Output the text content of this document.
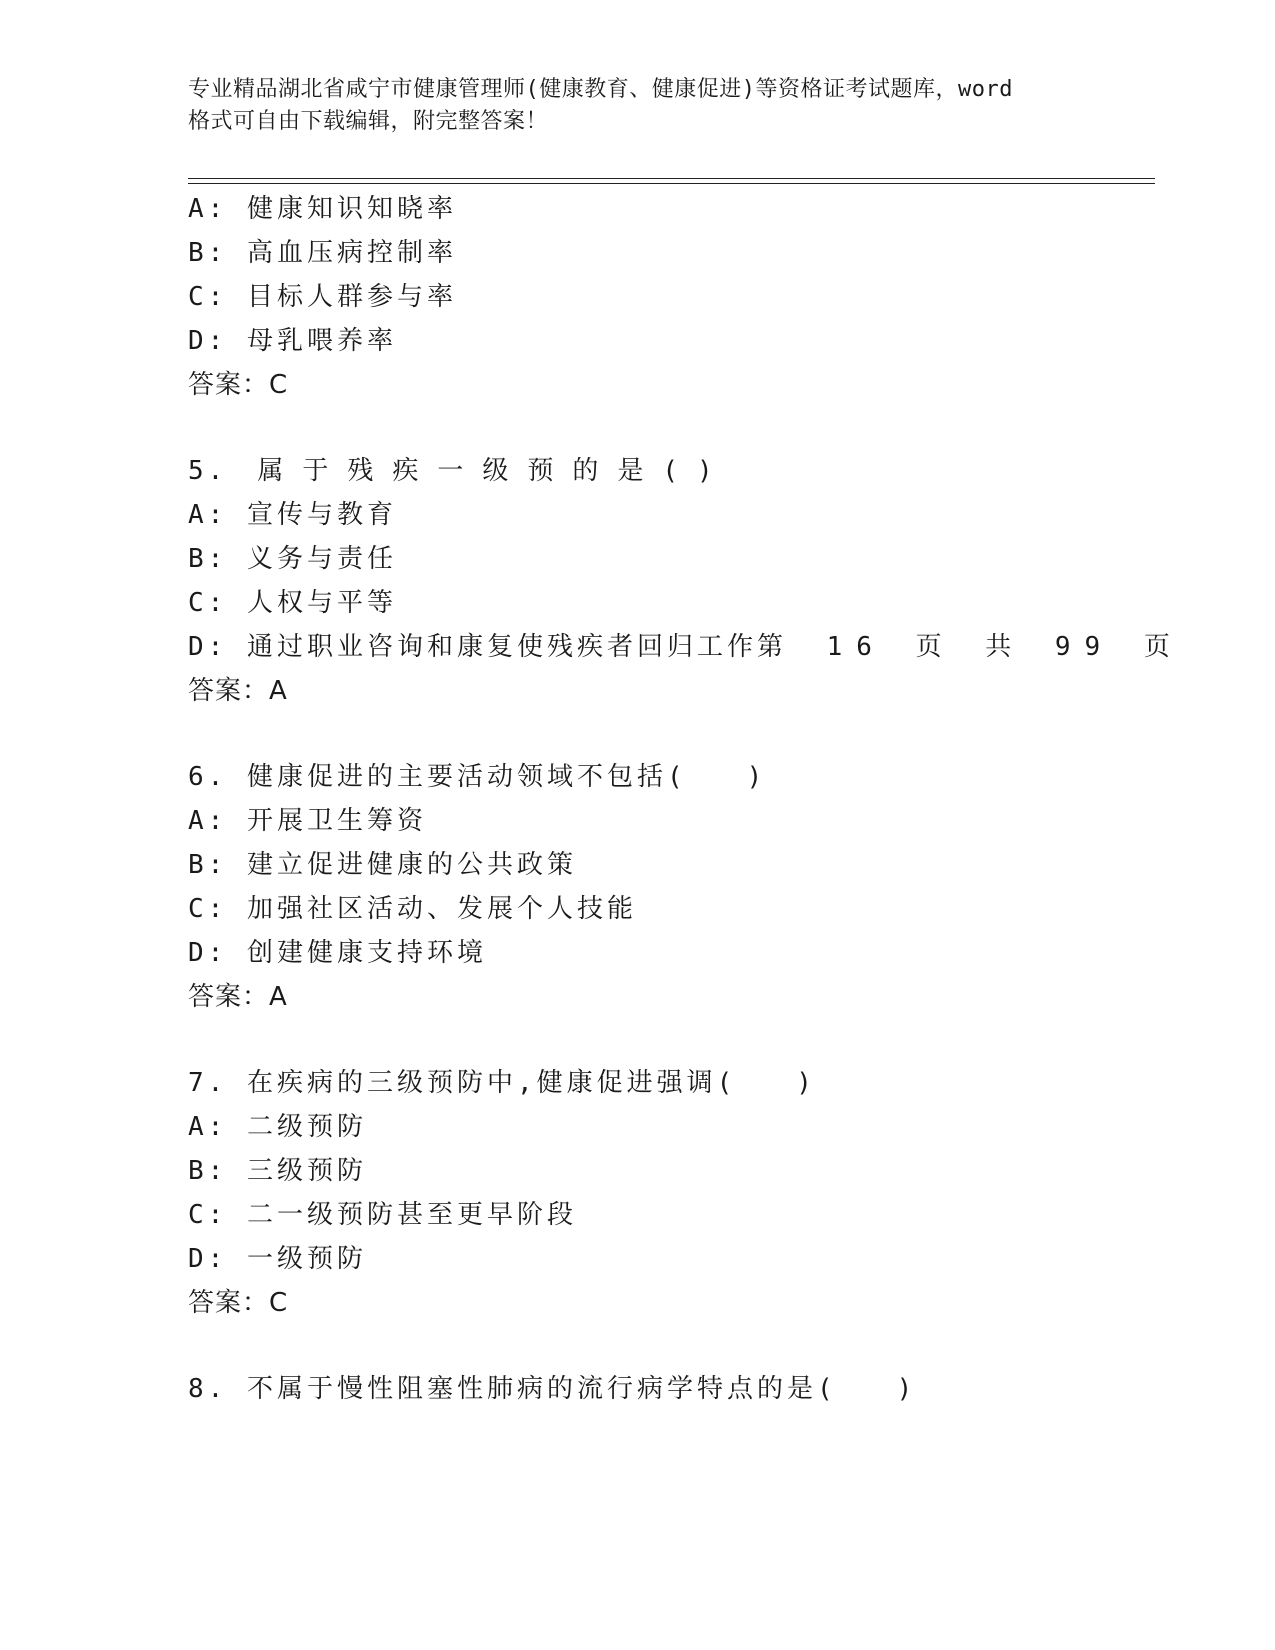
专业精品湖北省咸宁市健康管理师(健康教育、健康促进)等资格证考试题库，word
格式可自由下载编辑，附完整答案！
A: 健康知识知晓率
B: 高血压病控制率
C: 目标人群参与率
D: 母乳喂养率
答案：C
5. 属于残疾一级预的是()
A: 宣传与教育
B: 义务与责任
C: 人权与平等
D: 通过职业咨询和康复使残疾者回归工作第 16 页 共 99 页
答案：A
6. 健康促进的主要活动领域不包括(　　)
A: 开展卫生筹资
B: 建立促进健康的公共政策
C: 加强社区活动、发展个人技能
D: 创建健康支持环境
答案：A
7. 在疾病的三级预防中,健康促进强调(　　)
A: 二级预防
B: 三级预防
C: 二一级预防甚至更早阶段
D: 一级预防
答案：C
8. 不属于慢性阻塞性肺病的流行病学特点的是(　　)
